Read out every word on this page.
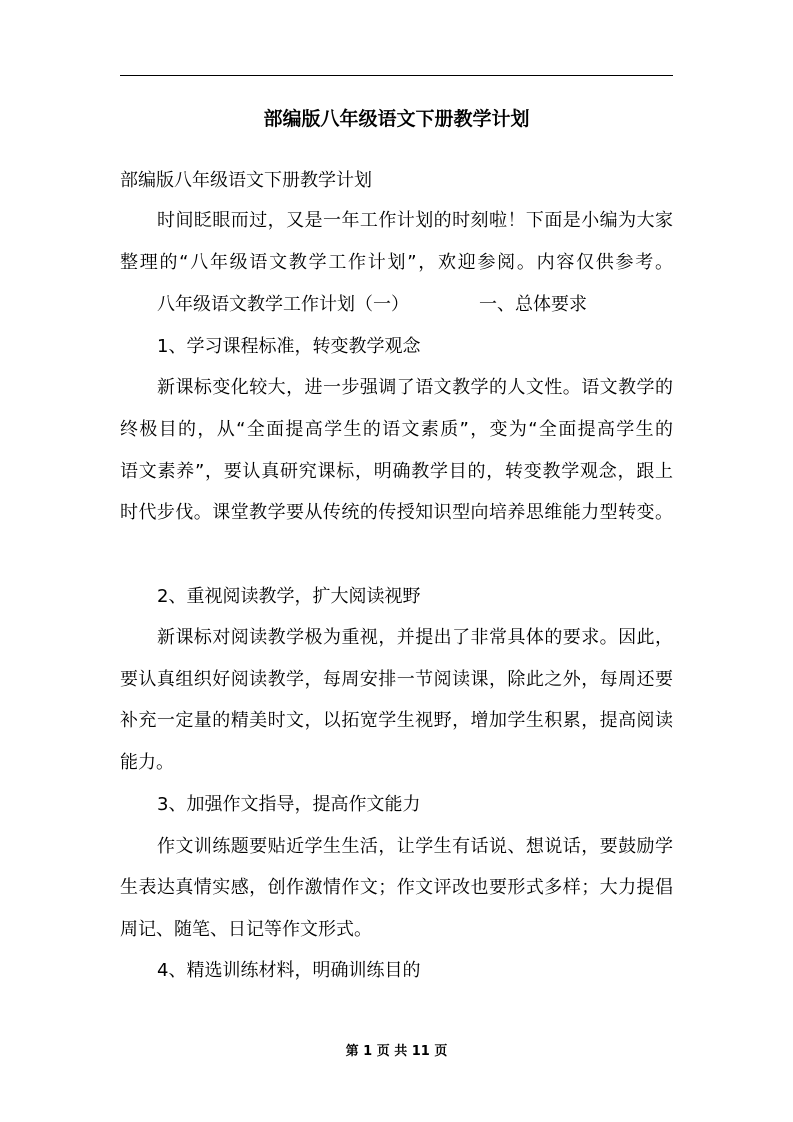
部编版八年级语文下册教学计划
部编版八年级语文下册教学计划
时间眨眼而过，又是一年工作计划的时刻啦！下面是小编为大家
整理的“八年级语文教学工作计划”，欢迎参阅。内容仅供参考。
八年级语文教学工作计划（一）	一、总体要求
1、学习课程标准，转变教学观念
新课标变化较大，进一步强调了语文教学的人文性。语文教学的
终极目的，从“全面提高学生的语文素质”，变为“全面提高学生的
语文素养”，要认真研究课标，明确教学目的，转变教学观念，跟上
时代步伐。课堂教学要从传统的传授知识型向培养思维能力型转变。
2、重视阅读教学，扩大阅读视野
新课标对阅读教学极为重视，并提出了非常具体的要求。因此，
要认真组织好阅读教学，每周安排一节阅读课，除此之外，每周还要
补充一定量的精美时文，以拓宽学生视野，增加学生积累，提高阅读
能力。
3、加强作文指导，提高作文能力
作文训练题要贴近学生生活，让学生有话说、想说话，要鼓励学
生表达真情实感，创作激情作文；作文评改也要形式多样；大力提倡
周记、随笔、日记等作文形式。
4、精选训练材料，明确训练目的
第 1 页 共 11 页
